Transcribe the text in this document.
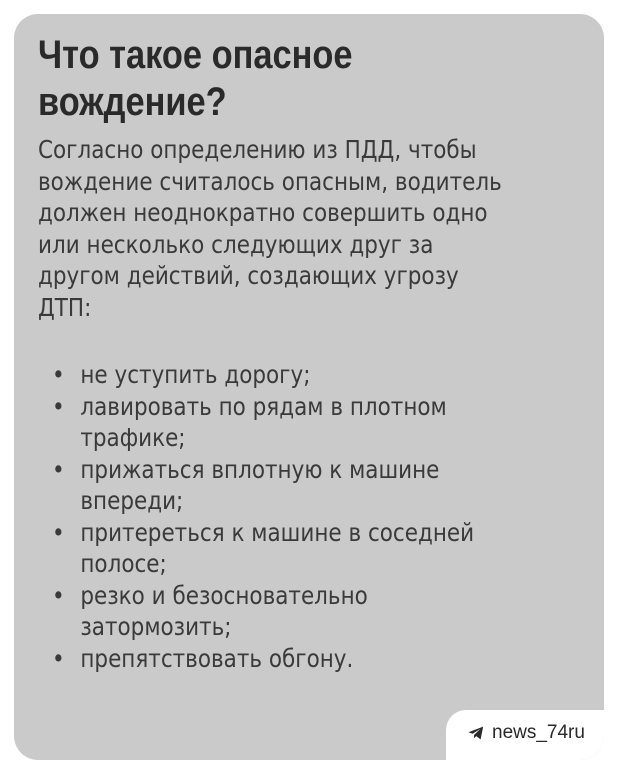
Что такое опасное
вождение?

Согласно определению из ПДД, чтобы
вождение считалось опасным, водитель
должен неоднократно совершить одно
или несколько следующих друг за
другом действий, создающих угрозу
ДТП:

• не уступить дорогу;
• лавировать по рядам в плотном
трафике;
• прижаться вплотную к машине
впереди;
• притереться к машине в соседней
полосе;
• резко и безосновательно
затормозить;
• препятствовать обгону.
news_74ru
